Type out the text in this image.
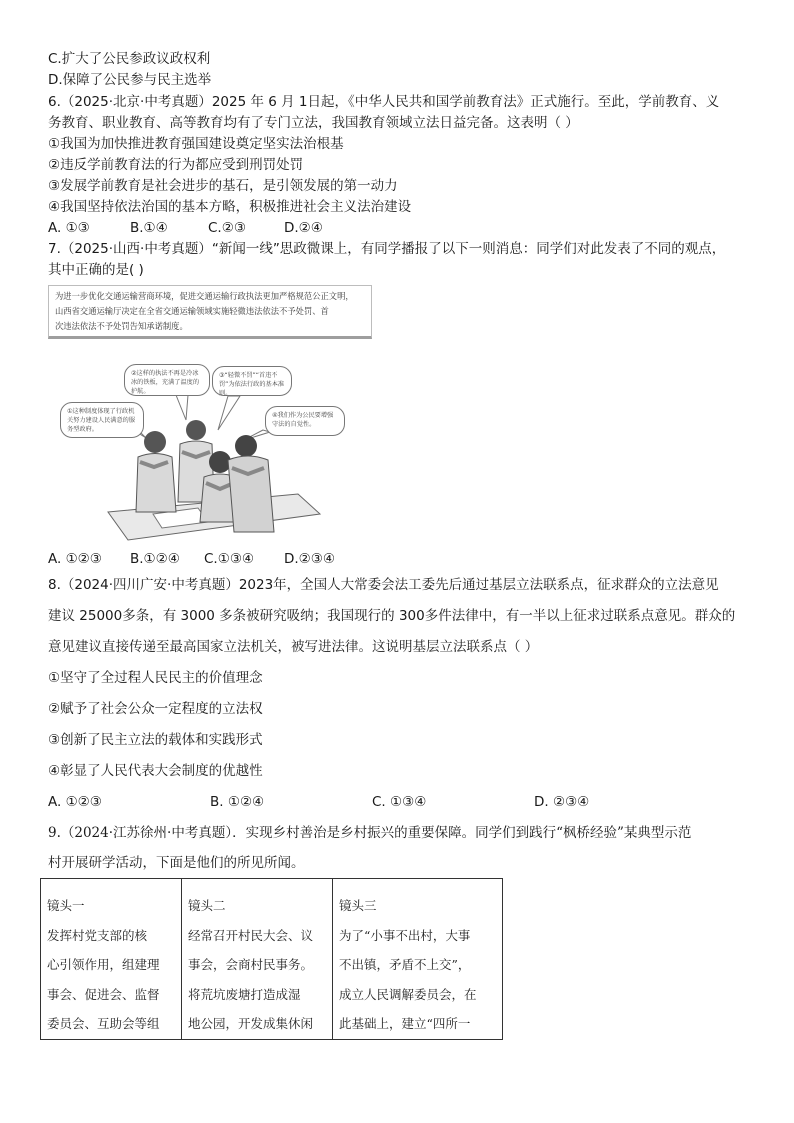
C.扩大了公民参政议政权利
D.保障了公民参与民主选举
6.（2025·北京·中考真题）2025 年 6 月 1日起，《中华人民共和国学前教育法》正式施行。至此，学前教育、义
务教育、职业教育、高等教育均有了专门立法，我国教育领域立法日益完备。这表明（ ）
①我国为加快推进教育强国建设奠定坚实法治根基
②违反学前教育法的行为都应受到刑罚处罚
③发展学前教育是社会进步的基石，是引领发展的第一动力
④我国坚持依法治国的基本方略，积极推进社会主义法治建设
A. ①③	B.①④	C.②③	D.②④
7.（2025·山西·中考真题）“新闻一线”思政微课上，有同学播报了以下一则消息：同学们对此发表了不同的观点，
其中正确的是( )
为进一步优化交通运输营商环境，促进交通运输行政执法更加严格规范公正文明，
山西省交通运输厅决定在全省交通运输领域实施轻微违法依法不予处罚、首
次违法依法不予处罚告知承诺制度。
①这种制度体现了行政机关努力建设人民满意的服务型政府。
②这样的执法不再是冷冰冰的铁板，充满了温度的护航。
③“轻微不罚”“首违不罚”为依法行政的基本准则。
④我们作为公民要增强守法的自觉性。
A. ①②③ B.①②④ C.①③④ D.②③④
8.（2024·四川广安·中考真题）2023年，全国人大常委会法工委先后通过基层立法联系点，征求群众的立法意见
建议 25000多条，有 3000 多条被研究吸纳；我国现行的 300多件法律中，有一半以上征求过联系点意见。群众的
意见建议直接传递至最高国家立法机关，被写进法律。这说明基层立法联系点（ ）
①坚守了全过程人民民主的价值理念
②赋予了社会公众一定程度的立法权
③创新了民主立法的载体和实践形式
④彰显了人民代表大会制度的优越性
A. ①②③	B. ①②④	C. ①③④	D. ②③④
9.（2024·江苏徐州·中考真题）．实现乡村善治是乡村振兴的重要保障。同学们到践行“枫桥经验”某典型示范
村开展研学活动，下面是他们的所见所闻。
镜头一
发挥村党支部的核
心引领作用，组建理
事会、促进会、监督
委员会、互助会等组

镜头二
经常召开村民大会、议
事会，会商村民事务。
将荒坑废塘打造成湿
地公园，开发成集休闲

镜头三
为了“小事不出村，大事
不出镇，矛盾不上交”，
成立人民调解委员会，在
此基础上，建立“四所一
